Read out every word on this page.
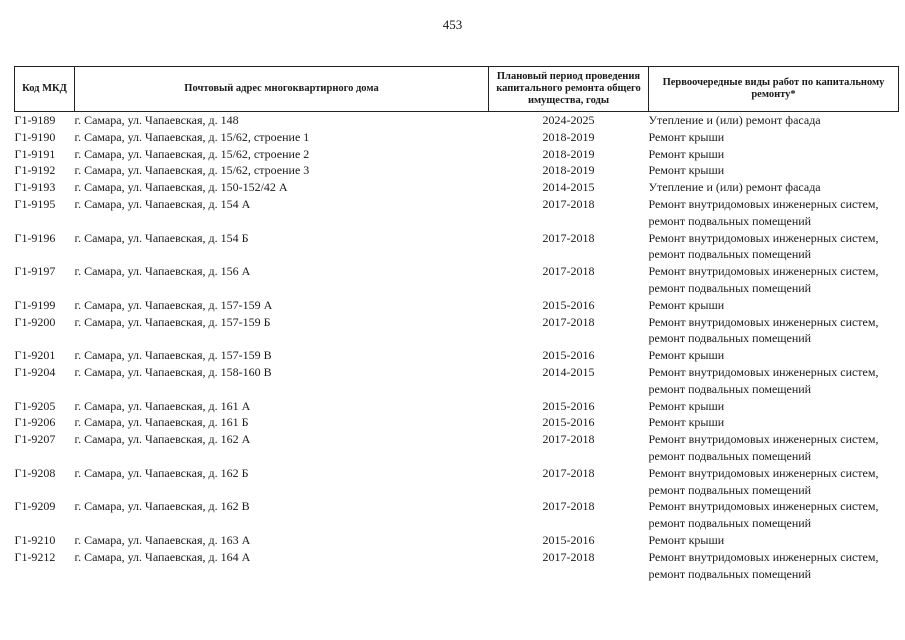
453
Код МКД	Почтовый адрес многоквартирного дома	Плановый период проведения капитального ремонта общего имущества, годы	Первоочередные виды работ по капитальному ремонту*
Г1-9189	г. Самара, ул. Чапаевская, д. 148	2024-2025	Утепление и (или) ремонт фасада

Г1-9190	г. Самара, ул. Чапаевская, д. 15/62, строение 1	2018-2019	Ремонт крыши

Г1-9191	г. Самара, ул. Чапаевская, д. 15/62, строение 2	2018-2019	Ремонт крыши

Г1-9192	г. Самара, ул. Чапаевская, д. 15/62, строение 3	2018-2019	Ремонт крыши

Г1-9193	г. Самара, ул. Чапаевская, д. 150-152/42 А	2014-2015	Утепление и (или) ремонт фасада

Г1-9195	г. Самара, ул. Чапаевская, д. 154 А	2017-2018	Ремонт внутридомовых инженерных систем,
ремонт подвальных помещений

Г1-9196	г. Самара, ул. Чапаевская, д. 154 Б	2017-2018	Ремонт внутридомовых инженерных систем,
ремонт подвальных помещений

Г1-9197	г. Самара, ул. Чапаевская, д. 156 А	2017-2018	Ремонт внутридомовых инженерных систем,
ремонт подвальных помещений

Г1-9199	г. Самара, ул. Чапаевская, д. 157-159 А	2015-2016	Ремонт крыши

Г1-9200	г. Самара, ул. Чапаевская, д. 157-159 Б	2017-2018	Ремонт внутридомовых инженерных систем,
ремонт подвальных помещений

Г1-9201	г. Самара, ул. Чапаевская, д. 157-159 В	2015-2016	Ремонт крыши

Г1-9204	г. Самара, ул. Чапаевская, д. 158-160 В	2014-2015	Ремонт внутридомовых инженерных систем,
ремонт подвальных помещений

Г1-9205	г. Самара, ул. Чапаевская, д. 161 А	2015-2016	Ремонт крыши

Г1-9206	г. Самара, ул. Чапаевская, д. 161 Б	2015-2016	Ремонт крыши

Г1-9207	г. Самара, ул. Чапаевская, д. 162 А	2017-2018	Ремонт внутридомовых инженерных систем,
ремонт подвальных помещений

Г1-9208	г. Самара, ул. Чапаевская, д. 162 Б	2017-2018	Ремонт внутридомовых инженерных систем,
ремонт подвальных помещений

Г1-9209	г. Самара, ул. Чапаевская, д. 162 В	2017-2018	Ремонт внутридомовых инженерных систем,
ремонт подвальных помещений

Г1-9210	г. Самара, ул. Чапаевская, д. 163 А	2015-2016	Ремонт крыши

Г1-9212	г. Самара, ул. Чапаевская, д. 164 А	2017-2018	Ремонт внутридомовых инженерных систем,
ремонт подвальных помещений
